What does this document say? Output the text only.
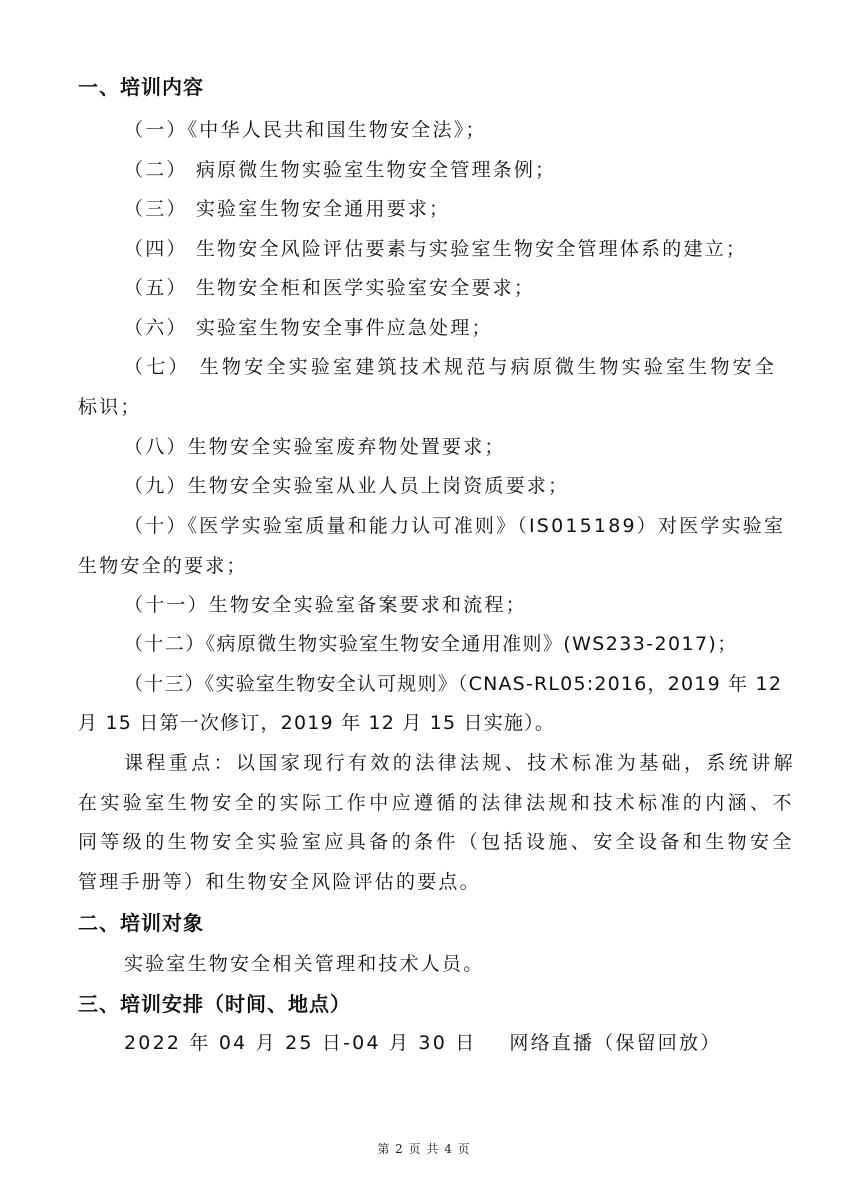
一、培训内容
（一）《中华人民共和国生物安全法》；
（二） 病原微生物实验室生物安全管理条例；
（三） 实验室生物安全通用要求；
（四） 生物安全风险评估要素与实验室生物安全管理体系的建立；
（五） 生物安全柜和医学实验室安全要求；
（六） 实验室生物安全事件应急处理；
（七） 生物安全实验室建筑技术规范与病原微生物实验室生物安全
标识；
（八）生物安全实验室废弃物处置要求；
（九）生物安全实验室从业人员上岗资质要求；
（十）《医学实验室质量和能力认可准则》（IS015189）对医学实验室
生物安全的要求；
（十一）生物安全实验室备案要求和流程；
（十二）《病原微生物实验室生物安全通用准则》(WS233-2017)；
（十三）《实验室生物安全认可规则》（CNAS-RL05:2016，2019 年 12
月 15 日第一次修订，2019 年 12 月 15 日实施）。
课程重点：以国家现行有效的法律法规、技术标准为基础，系统讲解
在实验室生物安全的实际工作中应遵循的法律法规和技术标准的内涵、不
同等级的生物安全实验室应具备的条件（包括设施、安全设备和生物安全
管理手册等）和生物安全风险评估的要点。
二、培训对象
实验室生物安全相关管理和技术人员。
三、培训安排（时间、地点）
2022 年 04 月 25 日-04 月 30 日    网络直播（保留回放）
第 2 页 共 4 页
